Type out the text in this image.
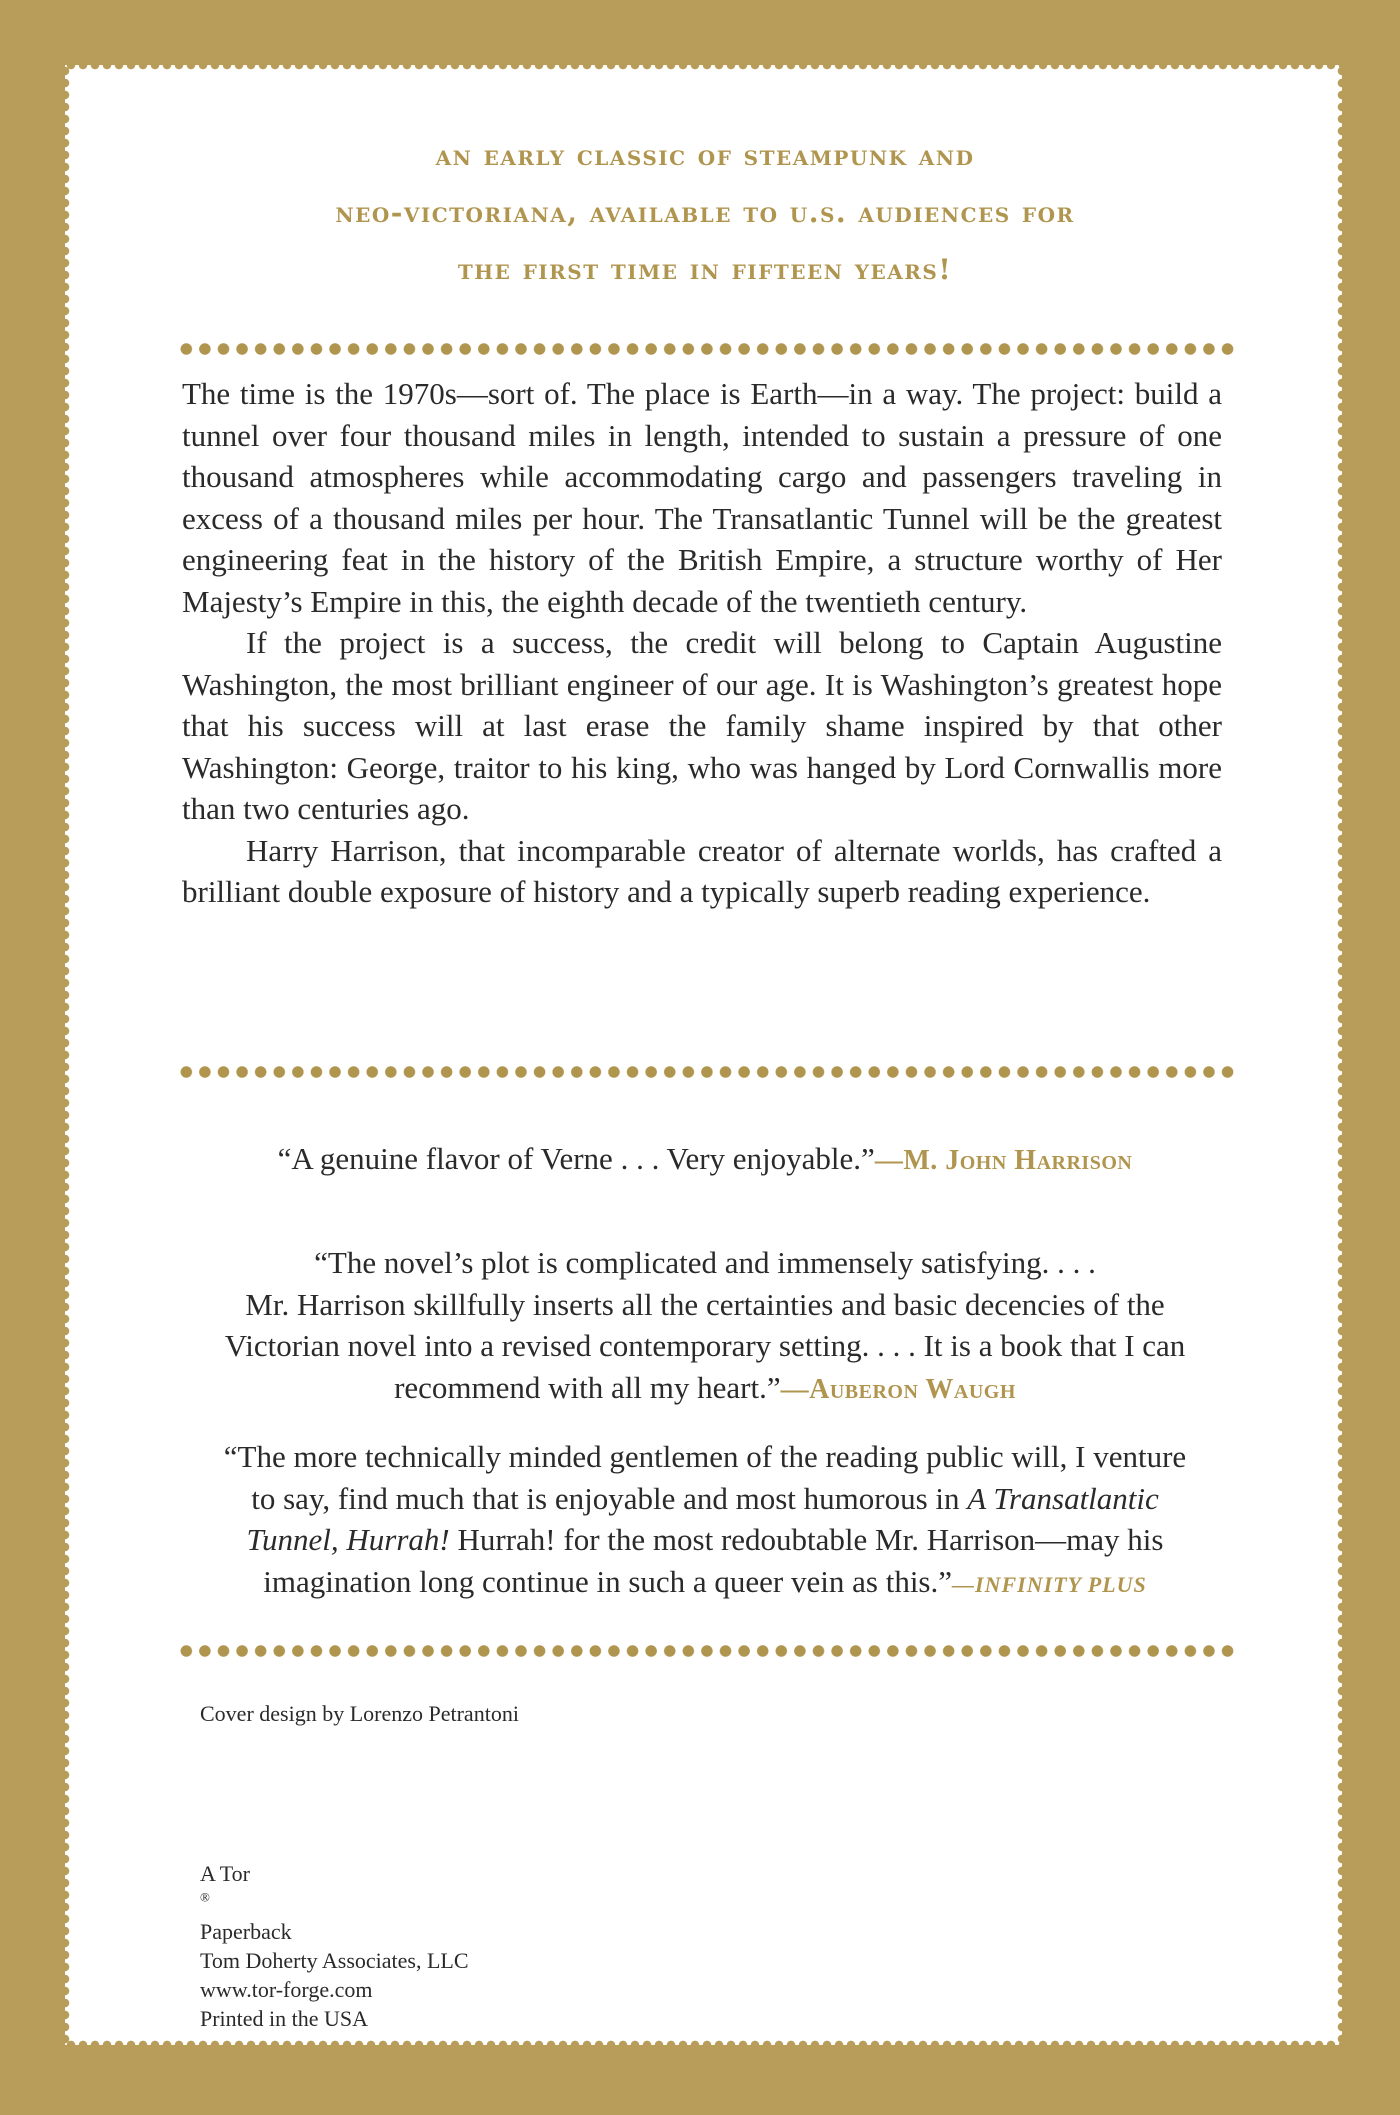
an early classic of steampunk and
neo-victoriana, available to u.s. audiences for
the first time in fifteen years!

The time is the 1970s—sort of. The place is Earth—in a way. The project: build a tunnel over four thousand miles in length, intended to sustain a pressure of one thousand atmospheres while accommodating cargo and passengers traveling in excess of a thousand miles per hour. The Transatlantic Tunnel will be the greatest engineering feat in the history of the British Empire, a structure worthy of Her Majesty’s Empire in this, the eighth decade of the twentieth century.

If the project is a success, the credit will belong to Captain Augustine Washington, the most brilliant engineer of our age. It is Washington’s greatest hope that his success will at last erase the family shame inspired by that other Washington: George, traitor to his king, who was hanged by Lord Cornwallis more than two centuries ago.

Harry Harrison, that incomparable creator of alternate worlds, has crafted a brilliant double exposure of history and a typically superb reading experience.

“A genuine flavor of Verne . . . Very enjoyable.”—M. John Harrison

“The novel’s plot is complicated and immensely satisfying. . . .
Mr. Harrison skillfully inserts all the certainties and basic decencies of the
Victorian novel into a revised contemporary setting. . . . It is a book that I can
recommend with all my heart.”—Auberon Waugh

“The more technically minded gentlemen of the reading public will, I venture
to say, find much that is enjoyable and most humorous in A Transatlantic
Tunnel, Hurrah! Hurrah! for the most redoubtable Mr. Harrison—may his
imagination long continue in such a queer vein as this.”—INFINITY PLUS

Cover design by Lorenzo Petrantoni

A Tor
®
Paperback
Tom Doherty Associates, LLC
www.tor-forge.com
Printed in the USA
